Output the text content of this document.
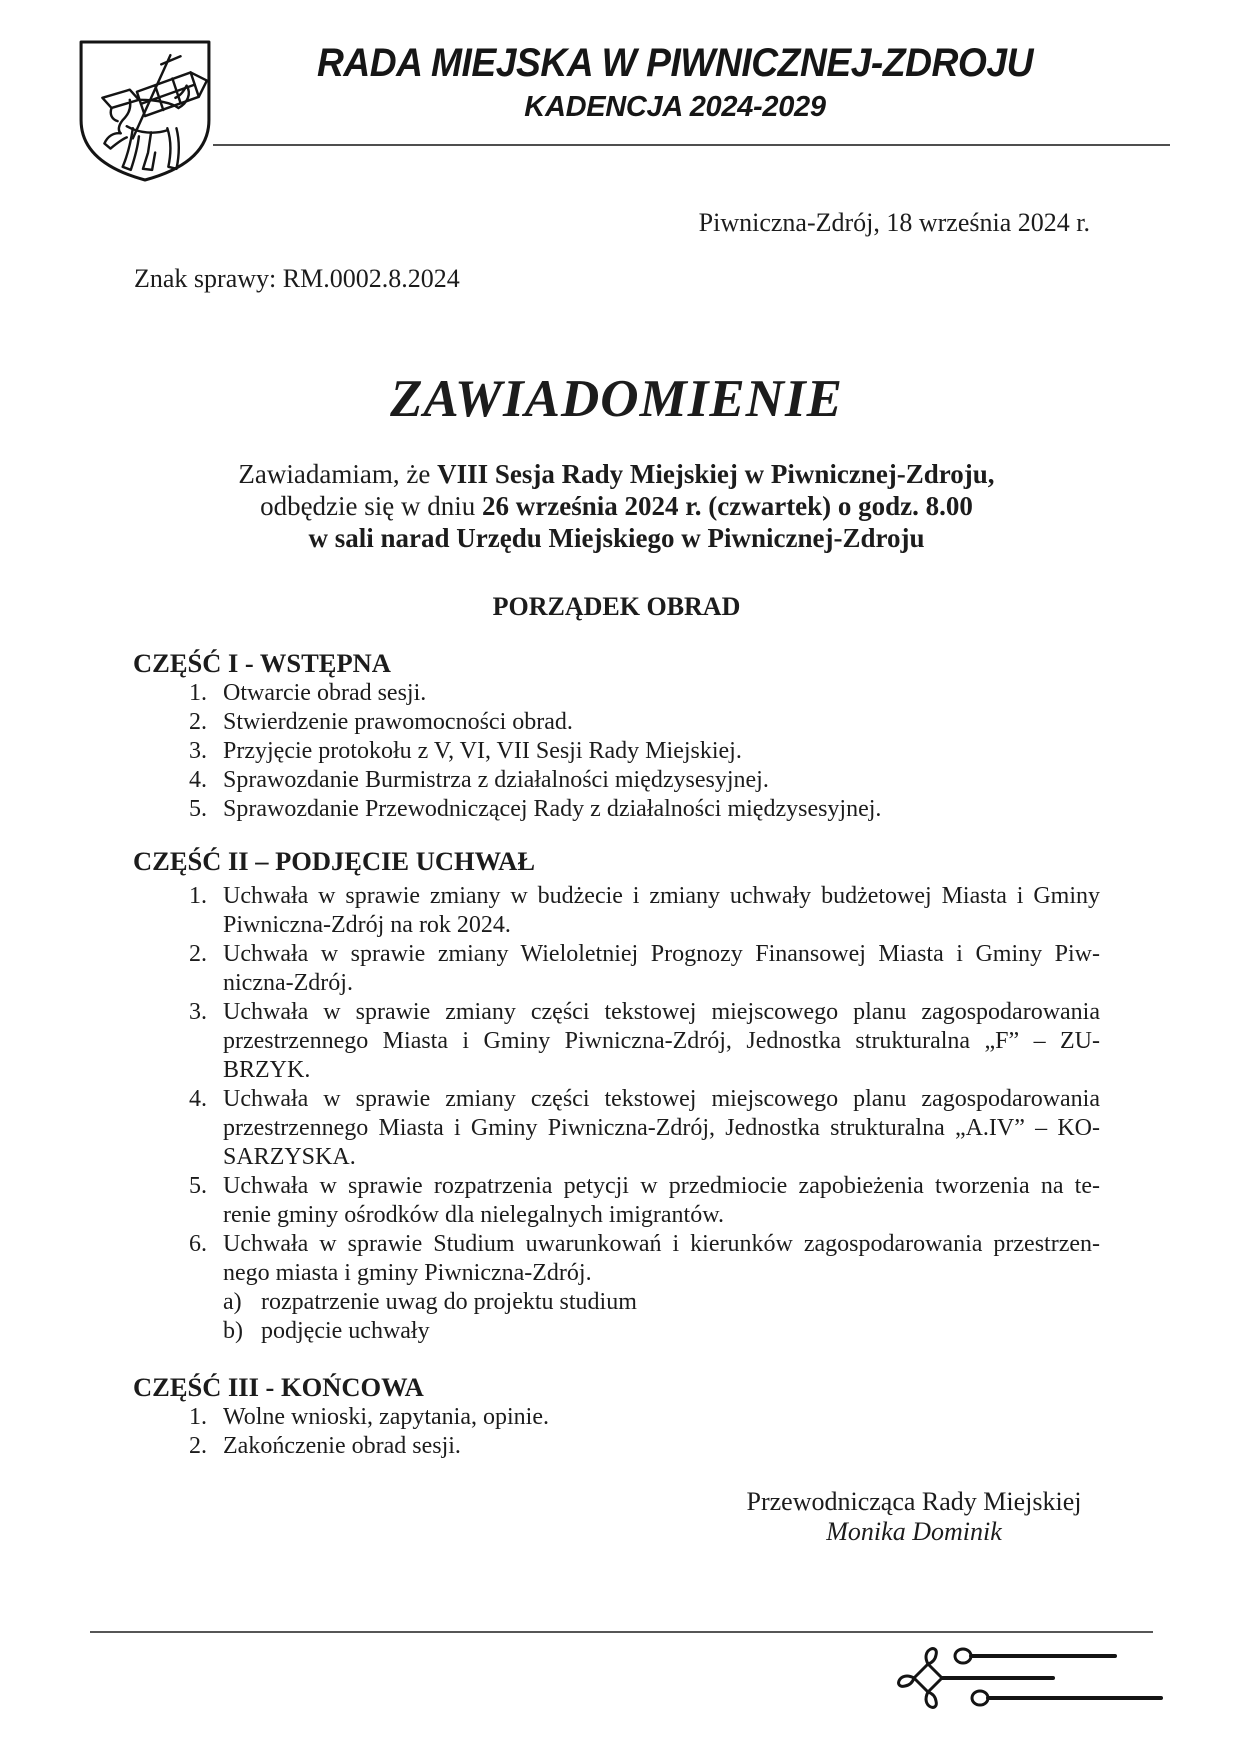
RADA MIEJSKA W PIWNICZNEJ-ZDROJU
KADENCJA 2024-2029
Piwniczna-Zdrój, 18 września 2024 r.
Znak sprawy: RM.0002.8.2024
ZAWIADOMIENIE
Zawiadamiam, że VIII Sesja Rady Miejskiej w Piwnicznej-Zdroju,
odbędzie się w dniu 26 września 2024 r. (czwartek) o godz. 8.00
w sali narad Urzędu Miejskiego w Piwnicznej-Zdroju
PORZĄDEK OBRAD
CZĘŚĆ I - WSTĘPNA
1. Otwarcie obrad sesji.
2. Stwierdzenie prawomocności obrad.
3. Przyjęcie protokołu z V, VI, VII Sesji Rady Miejskiej.
4. Sprawozdanie Burmistrza z działalności międzysesyjnej.
5. Sprawozdanie Przewodniczącej Rady z działalności międzysesyjnej.
CZĘŚĆ II – PODJĘCIE UCHWAŁ
1. Uchwała w sprawie zmiany w budżecie i zmiany uchwały budżetowej Miasta i Gminy
Piwniczna-Zdrój na rok 2024.
2. Uchwała w sprawie zmiany Wieloletniej Prognozy Finansowej Miasta i Gminy Piw-
niczna-Zdrój.
3. Uchwała w sprawie zmiany części tekstowej miejscowego planu zagospodarowania
przestrzennego Miasta i Gminy Piwniczna-Zdrój, Jednostka strukturalna „F” – ZU-
BRZYK.
4. Uchwała w sprawie zmiany części tekstowej miejscowego planu zagospodarowania
przestrzennego Miasta i Gminy Piwniczna-Zdrój, Jednostka strukturalna „A.IV” – KO-
SARZYSKA.
5. Uchwała w sprawie rozpatrzenia petycji w przedmiocie zapobieżenia tworzenia na te-
renie gminy ośrodków dla nielegalnych imigrantów.
6. Uchwała w sprawie Studium uwarunkowań i kierunków zagospodarowania przestrzen-
nego miasta i gminy Piwniczna-Zdrój.
a) rozpatrzenie uwag do projektu studium
b) podjęcie uchwały
CZĘŚĆ III - KOŃCOWA
1. Wolne wnioski, zapytania, opinie.
2. Zakończenie obrad sesji.
Przewodnicząca Rady Miejskiej
Monika Dominik
